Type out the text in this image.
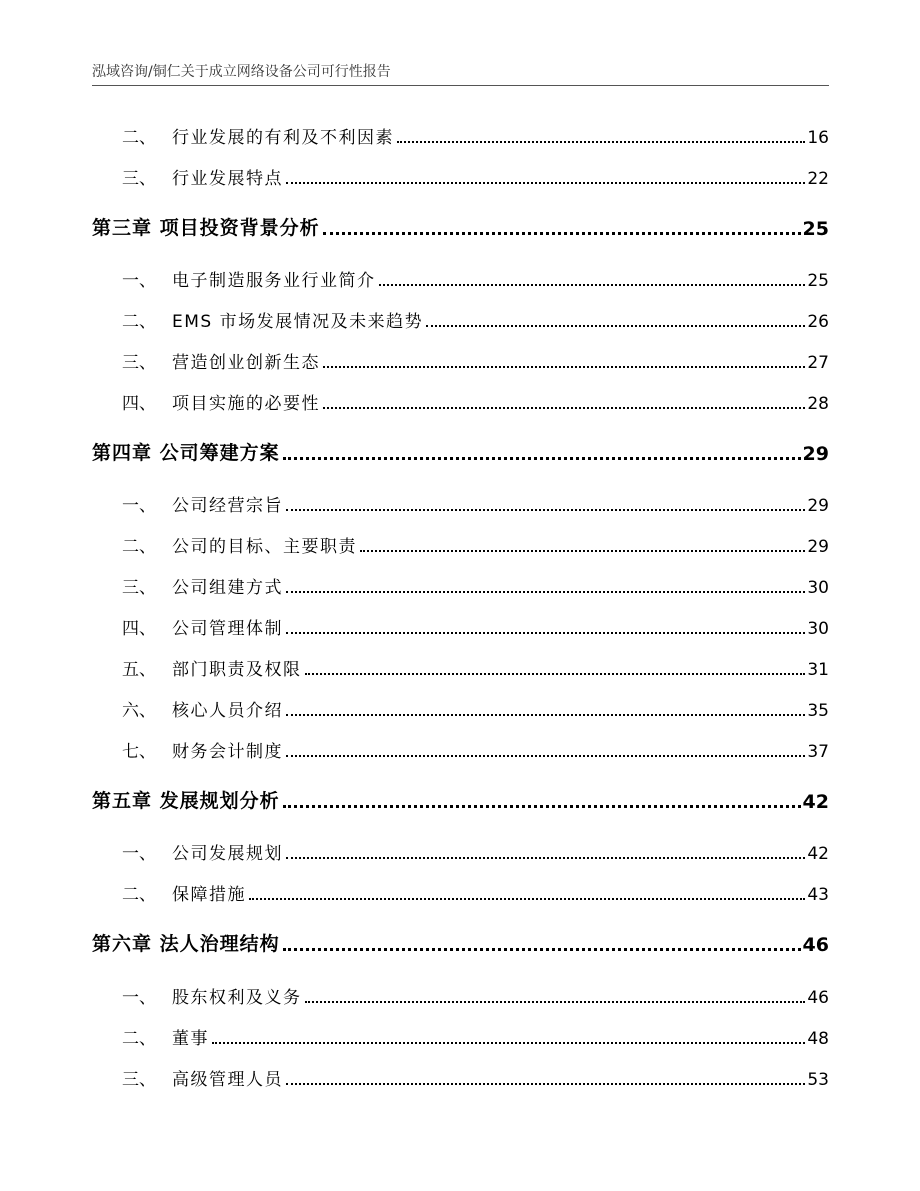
泓域咨询/铜仁关于成立网络设备公司可行性报告
二、 行业发展的有利及不利因素	16
三、 行业发展特点	22
第三章 项目投资背景分析	25
一、 电子制造服务业行业简介	25
二、 EMS 市场发展情况及未来趋势	26
三、 营造创业创新生态	27
四、 项目实施的必要性	28
第四章 公司筹建方案	29
一、 公司经营宗旨	29
二、 公司的目标、主要职责	29
三、 公司组建方式	30
四、 公司管理体制	30
五、 部门职责及权限	31
六、 核心人员介绍	35
七、 财务会计制度	37
第五章 发展规划分析	42
一、 公司发展规划	42
二、 保障措施	43
第六章 法人治理结构	46
一、 股东权利及义务	46
二、 董事	48
三、 高级管理人员	53
